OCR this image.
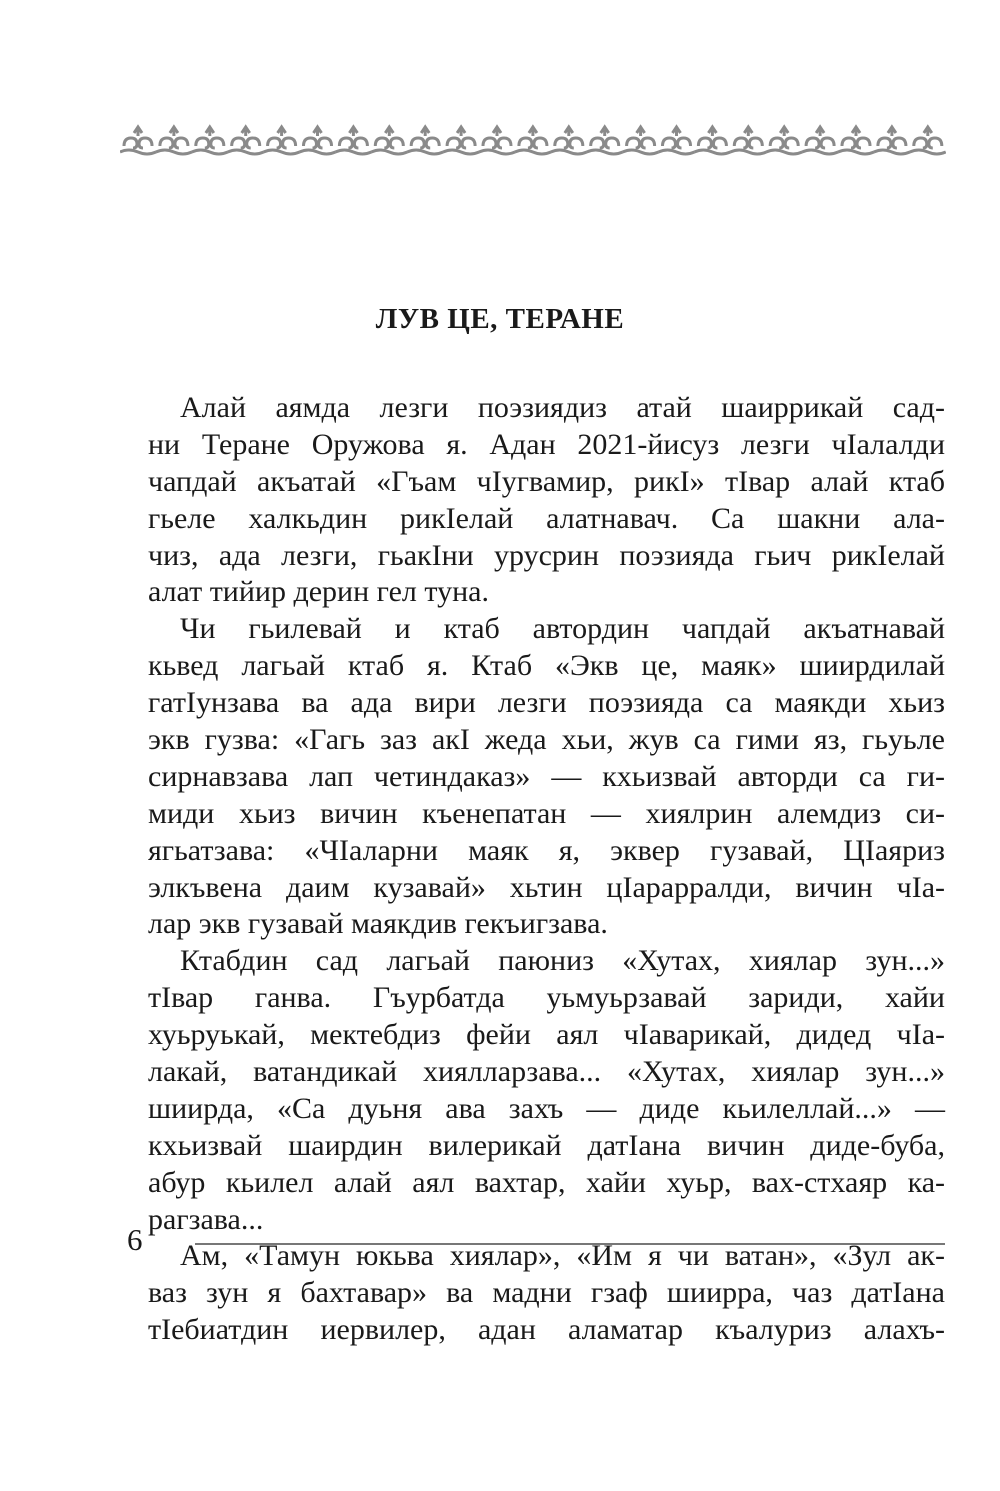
ЛУВ ЦЕ, ТЕРАНЕ
Алай аямда лезги поэзиядиз атай шаиррикай сад-
ни Теране Оружова я. Адан 2021-йисуз лезги чIалалди
чапдай акъатай «Гъам чIугвамир, рикI» тIвар алай ктаб
гьеле халкьдин рикIелай алатнавач. Са шакни ала-
чиз, ада лезги, гьакIни урусрин поэзияда гьич рикIелай
алат тийир дерин гел туна.
Чи гьилевай и ктаб автордин чапдай акъатнавай
кьвед лагьай ктаб я. Ктаб «Экв це, маяк» шиирдилай
гатIунзава ва ада вири лезги поэзияда са маякди хьиз
экв гузва: «Гагь заз акI жеда хьи, жув са гими яз, гьуьле
сирнавзава лап четиндаказ» — кхьизвай авторди са ги-
миди хьиз вичин къенепатан — хиялрин алемдиз си-
ягьатзава: «ЧIаларни маяк я, эквер гузавай, ЦIаяриз
элкъвена даим кузавай» хьтин цIарарралди, вичин чIа-
лар экв гузавай маякдив гекъигзава.
Ктабдин сад лагьай паюниз «Хутах, хиялар зун...»
тIвар ганва. Гъурбатда уьмуьрзавай зариди, хайи
хуьруькай, мектебдиз фейи аял чIаварикай, дидед чIа-
лакай, ватандикай хиялларзава... «Хутах, хиялар зун...»
шиирда, «Са дуьня ава захъ — диде кьилеллай...» —
кхьизвай шаирдин вилерикай датIана вичин диде-буба,
абур кьилел алай аял вахтар, хайи хуьр, вах-стхаяр ка-
рагзава...
Ам, «Тамун юкьва хиялар», «Им я чи ватан», «Зул ак-
ваз зун я бахтавар» ва мадни гзаф шиирра, чаз датIана
тIебиатдин иервилер, адан аламатар къалуриз алахъ-
6
